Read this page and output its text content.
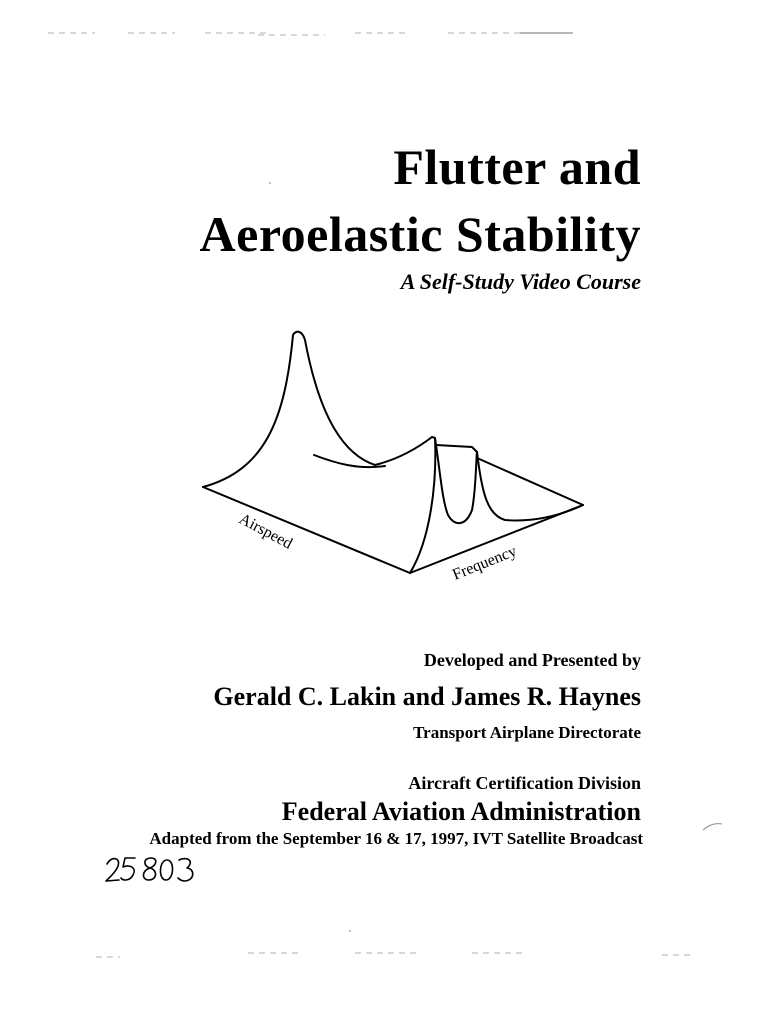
Flutter and
Aeroelastic Stability
A Self-Study Video Course
Airspeed
Frequency
Developed and Presented by
Gerald C. Lakin and James R. Haynes
Transport Airplane Directorate
Aircraft Certification Division
Federal Aviation Administration
Adapted from the September 16 & 17, 1997, IVT Satellite Broadcast
